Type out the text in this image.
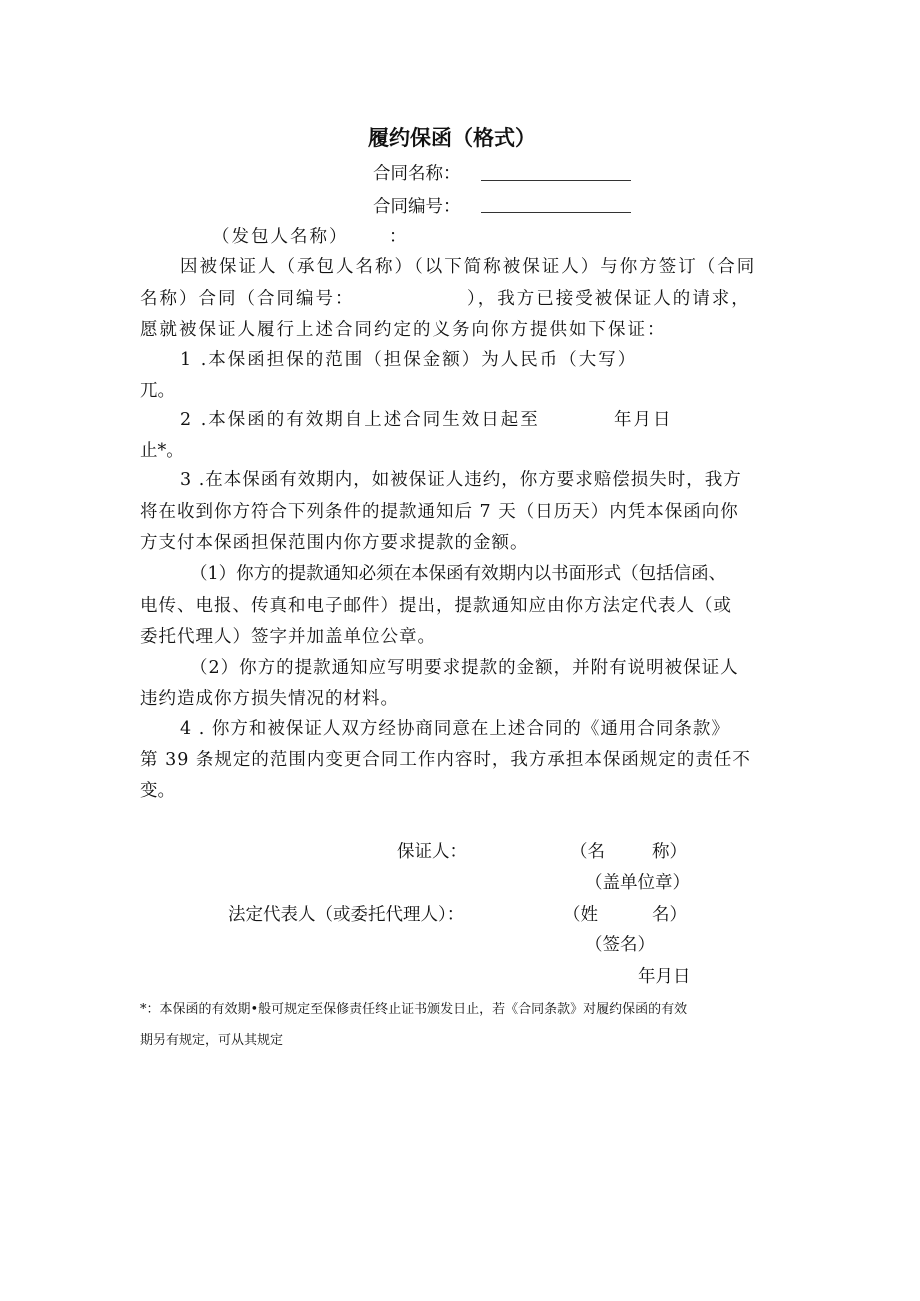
履约保函（格式）
合同名称：
合同编号：
（发包人名称） ：
因被保证人（承包人名称）（以下简称被保证人）与你方签订（合同
名称）合同（合同编号：	），我方已接受被保证人的请求，
愿就被保证人履行上述合同约定的义务向你方提供如下保证：
1 .本保函担保的范围（担保金额）为人民币（大写）
兀。
2 .本保函的有效期自上述合同生效日起至	年月日
止*。
3 .在本保函有效期内，如被保证人违约，你方要求赔偿损失时，我方
将在收到你方符合下列条件的提款通知后 7 天（日历天）内凭本保函向你
方支付本保函担保范围内你方要求提款的金额。
（1）你方的提款通知必须在本保函有效期内以书面形式（包括信函、
电传、电报、传真和电子邮件）提出，提款通知应由你方法定代表人（或
委托代理人）签字并加盖单位公章。
（2）你方的提款通知应写明要求提款的金额，并附有说明被保证人
违约造成你方损失情况的材料。
4 . 你方和被保证人双方经协商同意在上述合同的《通用合同条款》
第 39 条规定的范围内变更合同工作内容时，我方承担本保函规定的责任不
变。
保证人：	（名	称）
（盖单位章）
法定代表人（或委托代理人）：	（姓	名）
（签名）
年月日
*：本保函的有效期•般可规定至保修责任终止证书颁发日止，若《合同条款》对履约保函的有效
期另有规定，可从其规定
